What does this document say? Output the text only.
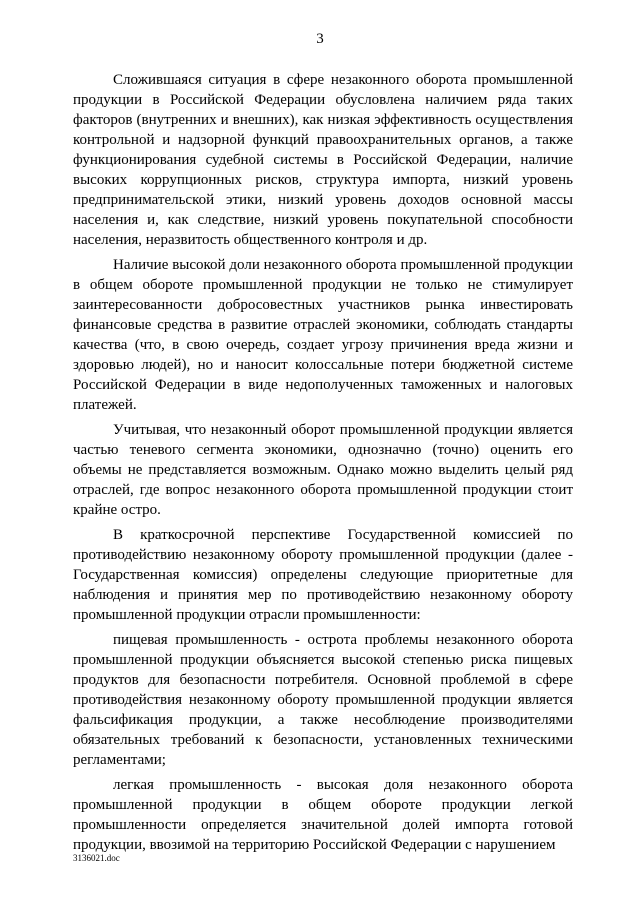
3

Сложившаяся ситуация в сфере незаконного оборота промышленной продукции в Российской Федерации обусловлена наличием ряда таких факторов (внутренних и внешних), как низкая эффективность осуществления контрольной и надзорной функций правоохранительных органов, а также функционирования судебной системы в Российской Федерации, наличие высоких коррупционных рисков, структура импорта, низкий уровень предпринимательской этики, низкий уровень доходов основной массы населения и, как следствие, низкий уровень покупательной способности населения, неразвитость общественного контроля и др.

Наличие высокой доли незаконного оборота промышленной продукции в общем обороте промышленной продукции не только не стимулирует заинтересованности добросовестных участников рынка инвестировать финансовые средства в развитие отраслей экономики, соблюдать стандарты качества (что, в свою очередь, создает угрозу причинения вреда жизни и здоровью людей), но и наносит колоссальные потери бюджетной системе Российской Федерации в виде недополученных таможенных и налоговых платежей.

Учитывая, что незаконный оборот промышленной продукции является частью теневого сегмента экономики, однозначно (точно) оценить его объемы не представляется возможным. Однако можно выделить целый ряд отраслей, где вопрос незаконного оборота промышленной продукции стоит крайне остро.

В краткосрочной перспективе Государственной комиссией по противодействию незаконному обороту промышленной продукции (далее - Государственная комиссия) определены следующие приоритетные для наблюдения и принятия мер по противодействию незаконному обороту промышленной продукции отрасли промышленности:

пищевая промышленность - острота проблемы незаконного оборота промышленной продукции объясняется высокой степенью риска пищевых продуктов для безопасности потребителя. Основной проблемой в сфере противодействия незаконному обороту промышленной продукции является фальсификация продукции, а также несоблюдение производителями обязательных требований к безопасности, установленных техническими регламентами;

легкая промышленность - высокая доля незаконного оборота промышленной продукции в общем обороте продукции легкой промышленности определяется значительной долей импорта готовой продукции, ввозимой на территорию Российской Федерации с нарушением

3136021.doc
